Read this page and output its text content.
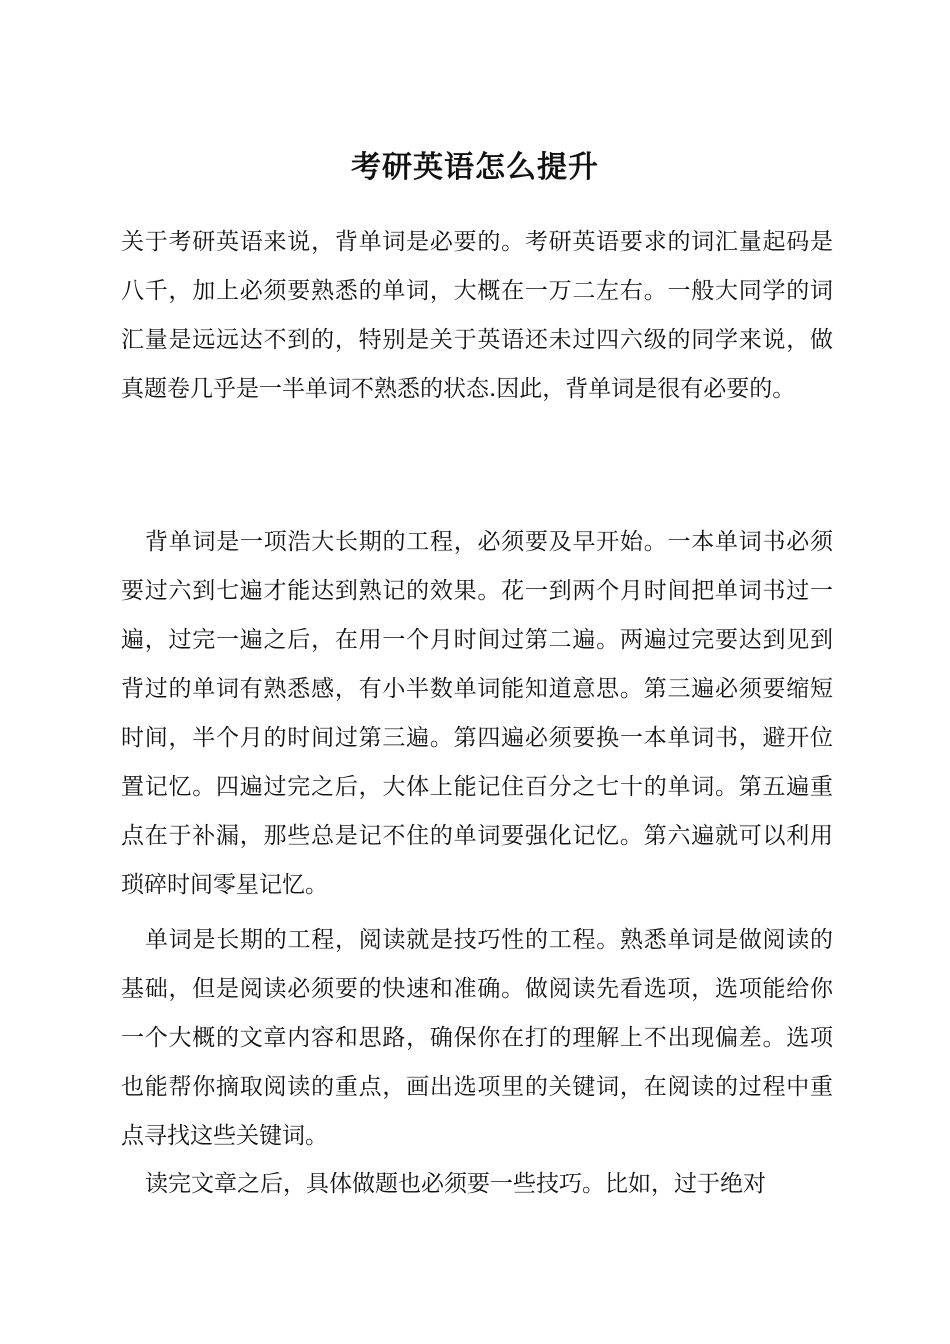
考研英语怎么提升

关于考研英语来说，背单词是必要的。考研英语要求的词汇量起码是八千，加上必须要熟悉的单词，大概在一万二左右。一般大同学的词汇量是远远达不到的，特别是关于英语还未过四六级的同学来说，做真题卷几乎是一半单词不熟悉的状态.因此，背单词是很有必要的。

背单词是一项浩大长期的工程，必须要及早开始。一本单词书必须要过六到七遍才能达到熟记的效果。花一到两个月时间把单词书过一遍，过完一遍之后，在用一个月时间过第二遍。两遍过完要达到见到背过的单词有熟悉感，有小半数单词能知道意思。第三遍必须要缩短时间，半个月的时间过第三遍。第四遍必须要换一本单词书，避开位置记忆。四遍过完之后，大体上能记住百分之七十的单词。第五遍重点在于补漏，那些总是记不住的单词要强化记忆。第六遍就可以利用琐碎时间零星记忆。

单词是长期的工程，阅读就是技巧性的工程。熟悉单词是做阅读的基础，但是阅读必须要的快速和准确。做阅读先看选项，选项能给你一个大概的文章内容和思路，确保你在打的理解上不出现偏差。选项也能帮你摘取阅读的重点，画出选项里的关键词，在阅读的过程中重点寻找这些关键词。

读完文章之后，具体做题也必须要一些技巧。比如，过于绝对
